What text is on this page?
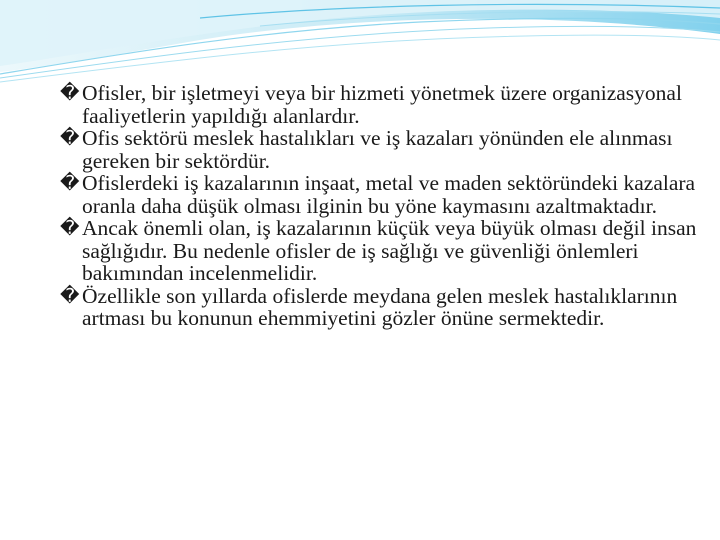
� Ofisler, bir işletmeyi veya bir hizmeti yönetmek üzere organizasyonal faaliyetlerin yapıldığı alanlardır.
� Ofis sektörü meslek hastalıkları ve iş kazaları yönünden ele alınması gereken bir sektördür.
� Ofislerdeki iş kazalarının inşaat, metal ve maden sektöründeki kazalara oranla daha düşük olması ilginin bu yöne kaymasını azaltmaktadır.
� Ancak önemli olan, iş kazalarının küçük veya büyük olması değil insan sağlığıdır. Bu nedenle ofisler de iş sağlığı ve güvenliği önlemleri bakımından incelenmelidir.
� Özellikle son yıllarda ofislerde meydana gelen meslek hastalıklarının artması bu konunun ehemmiyetini gözler önüne sermektedir.
